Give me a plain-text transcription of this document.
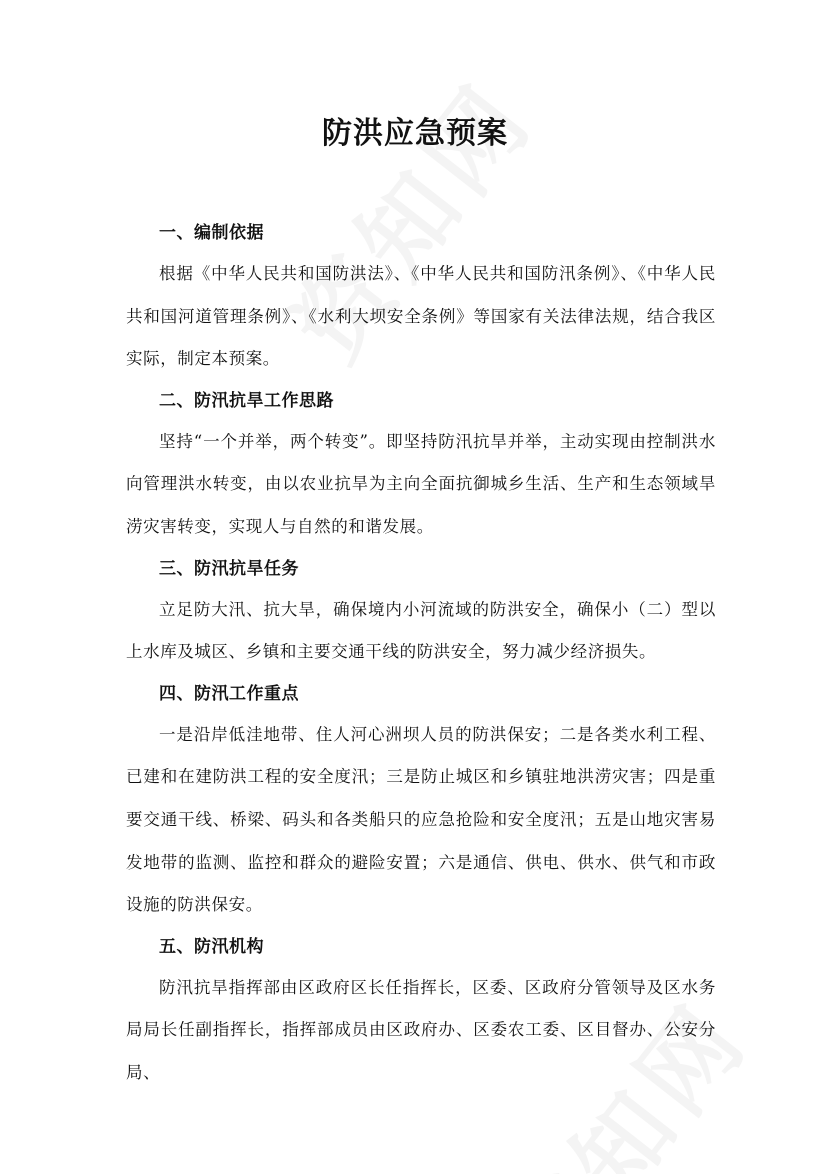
防洪应急预案
一、编制依据

根据《中华人民共和国防洪法》、《中华人民共和国防汛条例》、《中华人民共和国河道管理条例》、《水利大坝安全条例》等国家有关法律法规，结合我区实际，制定本预案。

二、防汛抗旱工作思路

坚持“一个并举，两个转变”。即坚持防汛抗旱并举，主动实现由控制洪水向管理洪水转变，由以农业抗旱为主向全面抗御城乡生活、生产和生态领域旱涝灾害转变，实现人与自然的和谐发展。

三、防汛抗旱任务

立足防大汛、抗大旱，确保境内小河流域的防洪安全，确保小（二）型以上水库及城区、乡镇和主要交通干线的防洪安全，努力减少经济损失。

四、防汛工作重点

一是沿岸低洼地带、住人河心洲坝人员的防洪保安；二是各类水利工程、已建和在建防洪工程的安全度汛；三是防止城区和乡镇驻地洪涝灾害；四是重要交通干线、桥梁、码头和各类船只的应急抢险和安全度汛；五是山地灾害易发地带的监测、监控和群众的避险安置；六是通信、供电、供水、供气和市政设施的防洪保安。

五、防汛机构

防汛抗旱指挥部由区政府区长任指挥长，区委、区政府分管领导及区水务局局长任副指挥长，指挥部成员由区政府办、区委农工委、区目督办、公安分局、
